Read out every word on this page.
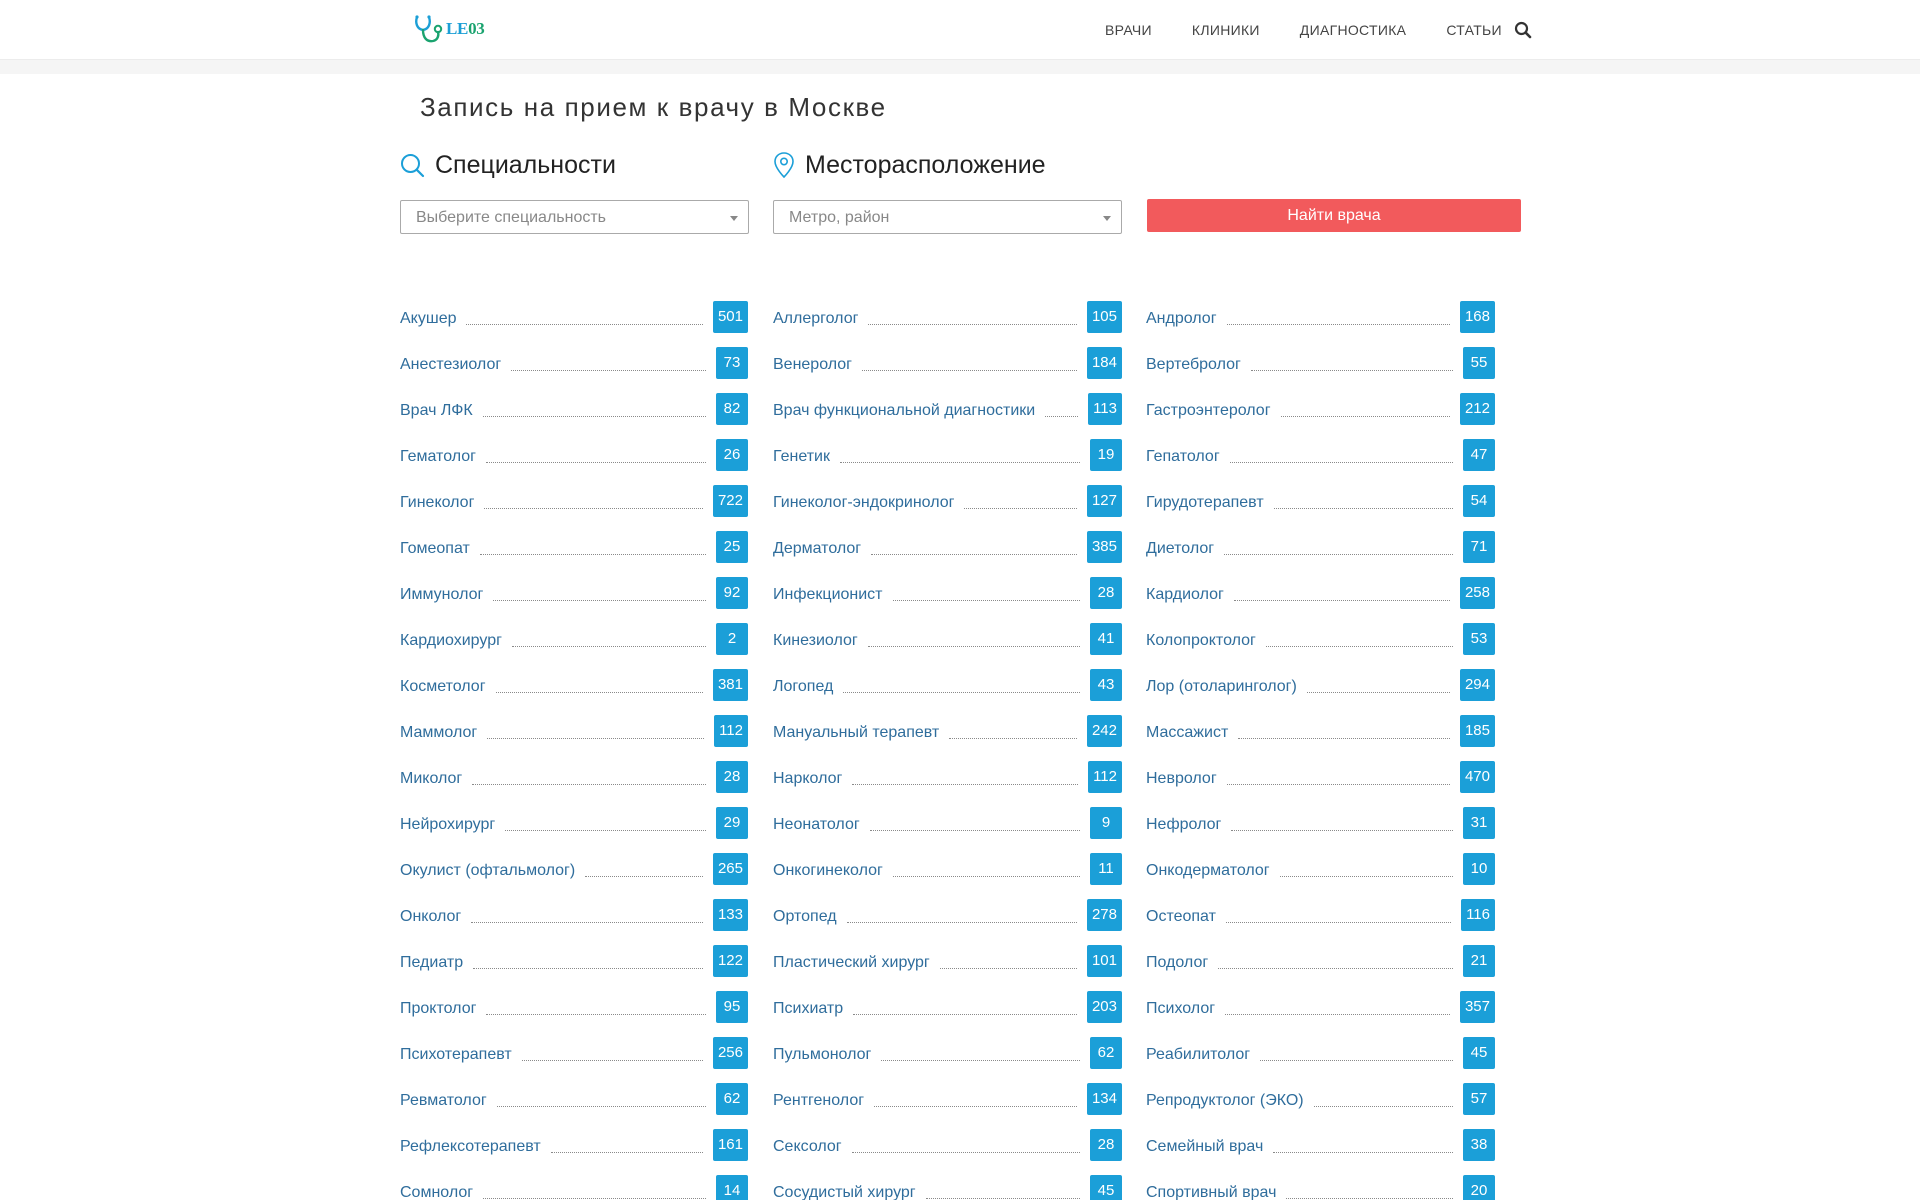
LE03	ВРАЧИ	КЛИНИКИ	ДИАГНОСТИКА	СТАТЬИ
Запись на прием к врачу в Москве
Специальности	Месторасположение
Выберите специальность	Метро, район	Найти врача
Акушер	501
Анестезиолог	73
Врач ЛФК	82
Гематолог	26
Гинеколог	722
Гомеопат	25
Иммунолог	92
Кардиохирург	2
Косметолог	381
Маммолог	112
Миколог	28
Нейрохирург	29
Окулист (офтальмолог)	265
Онколог	133
Педиатр	122
Проктолог	95
Психотерапевт	256
Ревматолог	62
Рефлексотерапевт	161
Сомнолог	14
Аллерголог	105
Венеролог	184
Врач функциональной диагностики	113
Генетик	19
Гинеколог-эндокринолог	127
Дерматолог	385
Инфекционист	28
Кинезиолог	41
Логопед	43
Мануальный терапевт	242
Нарколог	112
Неонатолог	9
Онкогинеколог	11
Ортопед	278
Пластический хирург	101
Психиатр	203
Пульмонолог	62
Рентгенолог	134
Сексолог	28
Сосудистый хирург	45
Андролог	168
Вертебролог	55
Гастроэнтеролог	212
Гепатолог	47
Гирудотерапевт	54
Диетолог	71
Кардиолог	258
Колопроктолог	53
Лор (отоларинголог)	294
Массажист	185
Невролог	470
Нефролог	31
Онкодерматолог	10
Остеопат	116
Подолог	21
Психолог	357
Реабилитолог	45
Репродуктолог (ЭКО)	57
Семейный врач	38
Спортивный врач	20
